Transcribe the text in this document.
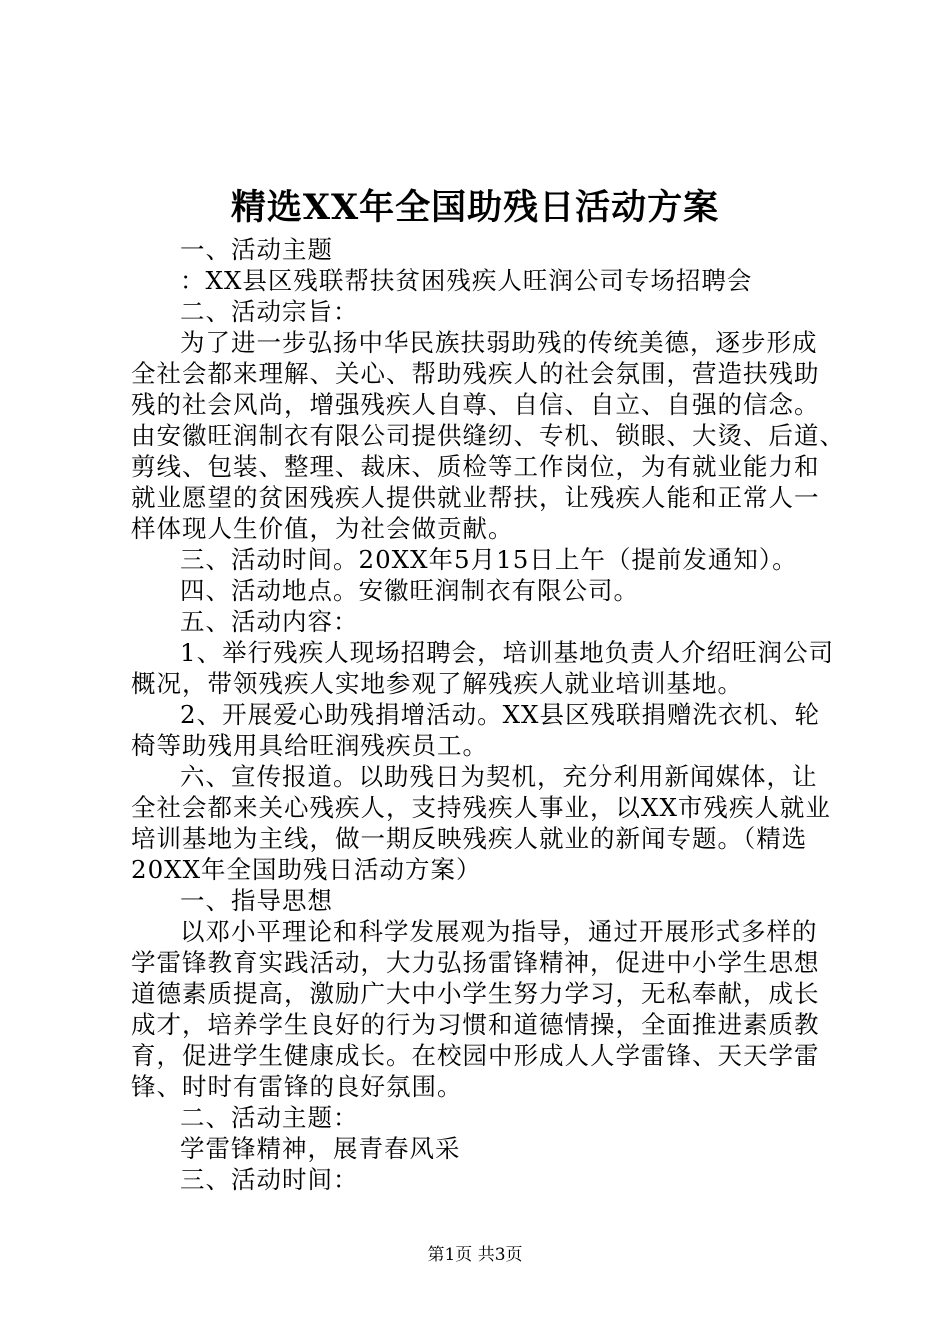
精选XX年全国助残日活动方案
一、活动主题
：XX县区残联帮扶贫困残疾人旺润公司专场招聘会
二、活动宗旨：
为了进一步弘扬中华民族扶弱助残的传统美德，逐步形成
全社会都来理解、关心、帮助残疾人的社会氛围，营造扶残助
残的社会风尚，增强残疾人自尊、自信、自立、自强的信念。
由安徽旺润制衣有限公司提供缝纫、专机、锁眼、大烫、后道、
剪线、包装、整理、裁床、质检等工作岗位，为有就业能力和
就业愿望的贫困残疾人提供就业帮扶，让残疾人能和正常人一
样体现人生价值，为社会做贡献。
三、活动时间。20XX年5月15日上午（提前发通知）。
四、活动地点。安徽旺润制衣有限公司。
五、活动内容：
1、举行残疾人现场招聘会，培训基地负责人介绍旺润公司
概况，带领残疾人实地参观了解残疾人就业培训基地。
2、开展爱心助残捐增活动。XX县区残联捐赠洗衣机、轮
椅等助残用具给旺润残疾员工。
六、宣传报道。以助残日为契机，充分利用新闻媒体，让
全社会都来关心残疾人，支持残疾人事业，以XX市残疾人就业
培训基地为主线，做一期反映残疾人就业的新闻专题。（精选
20XX年全国助残日活动方案）
一、指导思想
以邓小平理论和科学发展观为指导，通过开展形式多样的
学雷锋教育实践活动，大力弘扬雷锋精神，促进中小学生思想
道德素质提高，激励广大中小学生努力学习，无私奉献，成长
成才，培养学生良好的行为习惯和道德情操，全面推进素质教
育，促进学生健康成长。在校园中形成人人学雷锋、天天学雷
锋、时时有雷锋的良好氛围。
二、活动主题：
学雷锋精神，展青春风采
三、活动时间：
第1页 共3页
